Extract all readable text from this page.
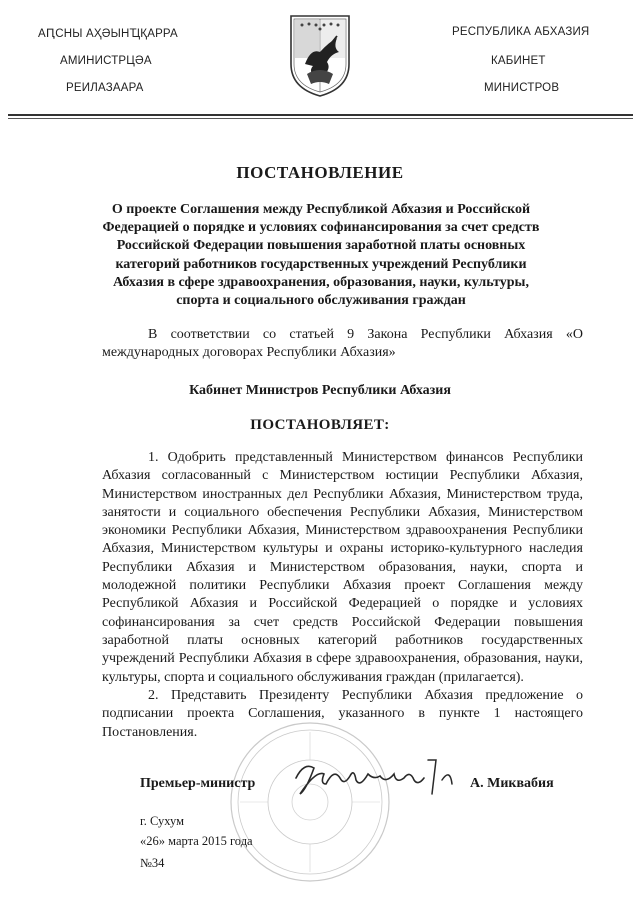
АԤСНЫ АҲӘЫНҴҚАРРА
АМИНИСТРЦӘА
РЕИЛАЗААРА
РЕСПУБЛИКА АБХАЗИЯ
КАБИНЕТ
МИНИСТРОВ
ПОСТАНОВЛЕНИЕ

О проекте Соглашения между Республикой Абхазия и Российской Федерацией о порядке и условиях софинансирования за счет средств Российской Федерации повышения заработной платы основных категорий работников государственных учреждений Республики Абхазия в сфере здравоохранения, образования, науки, культуры, спорта и социального обслуживания граждан

В соответствии со статьей 9 Закона Республики Абхазия «О международных договорах Республики Абхазия»

Кабинет Министров Республики Абхазия
ПОСТАНОВЛЯЕТ:

1. Одобрить представленный Министерством финансов Республики Абхазия согласованный с Министерством юстиции Республики Абхазия, Министерством иностранных дел Республики Абхазия, Министерством труда, занятости и социального обеспечения Республики Абхазия, Министерством экономики Республики Абхазия, Министерством здравоохранения Республики Абхазия, Министерством культуры и охраны историко-культурного наследия Республики Абхазия и Министерством образования, науки, спорта и молодежной политики Республики Абхазия проект Соглашения между Республикой Абхазия и Российской Федерацией о порядке и условиях софинансирования за счет средств Российской Федерации повышения заработной платы основных категорий работников государственных учреждений Республики Абхазия в сфере здравоохранения, образования, науки, культуры, спорта и социального обслуживания граждан (прилагается).

2. Представить Президенту Республики Абхазия предложение о подписании проекта Соглашения, указанного в пункте 1 настоящего Постановления.

Премьер-министр	А. Миквабия
г. Сухум
«26» марта 2015 года
№34
